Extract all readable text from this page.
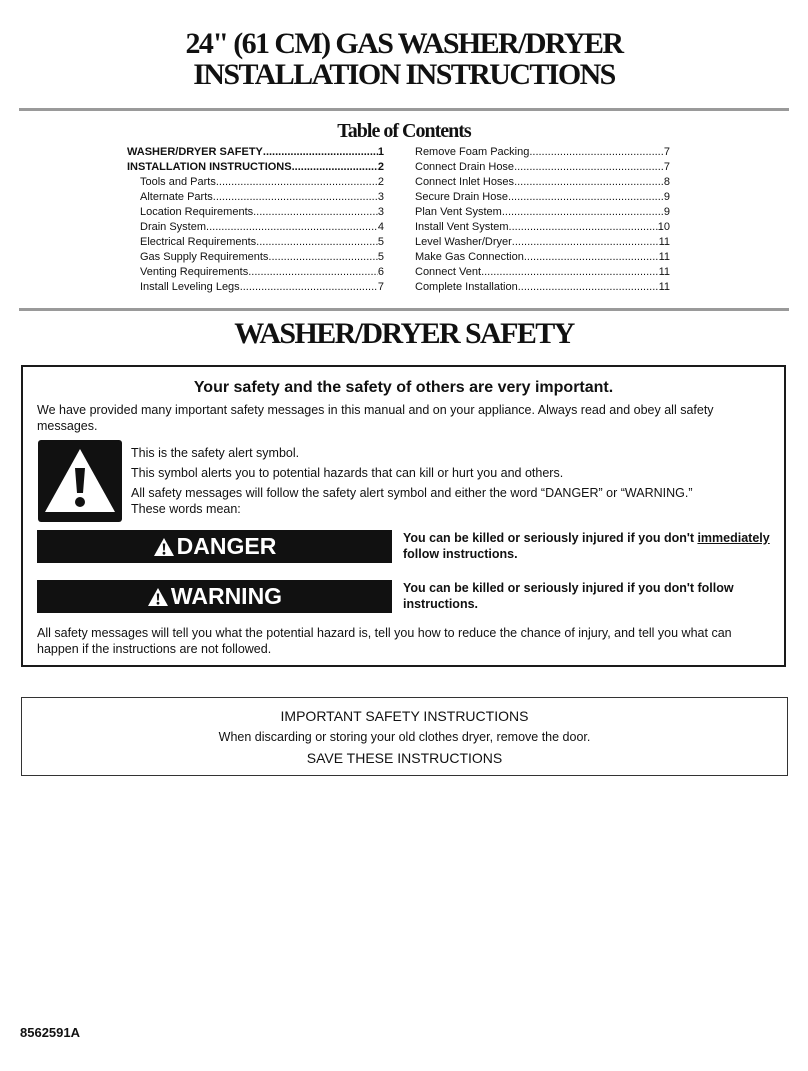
24" (61 CM) GAS WASHER/DRYER
INSTALLATION INSTRUCTIONS
Table of Contents
WASHER/DRYER SAFETY .....	1
INSTALLATION INSTRUCTIONS .....	2
Tools and Parts .....	2
Alternate Parts .....	3
Location Requirements .....	3
Drain System .....	4
Electrical Requirements .....	5
Gas Supply Requirements .....	5
Venting Requirements .....	6
Install Leveling Legs .....	7
Remove Foam Packing .....	7
Connect Drain Hose .....	7
Connect Inlet Hoses .....	8
Secure Drain Hose .....	9
Plan Vent System .....	9
Install Vent System .....	10
Level Washer/Dryer .....	11
Make Gas Connection .....	11
Connect Vent .....	11
Complete Installation .....	11
WASHER/DRYER SAFETY
Your safety and the safety of others are very important.
We have provided many important safety messages in this manual and on your appliance. Always read and obey all safety messages.
This is the safety alert symbol.
This symbol alerts you to potential hazards that can kill or hurt you and others.
All safety messages will follow the safety alert symbol and either the word “DANGER” or “WARNING.”
These words mean:
DANGER	You can be killed or seriously injured if you don't immediately follow instructions.
WARNING	You can be killed or seriously injured if you don't follow instructions.
All safety messages will tell you what the potential hazard is, tell you how to reduce the chance of injury, and tell you what can happen if the instructions are not followed.
IMPORTANT SAFETY INSTRUCTIONS
When discarding or storing your old clothes dryer, remove the door.
SAVE THESE INSTRUCTIONS
8562591A
